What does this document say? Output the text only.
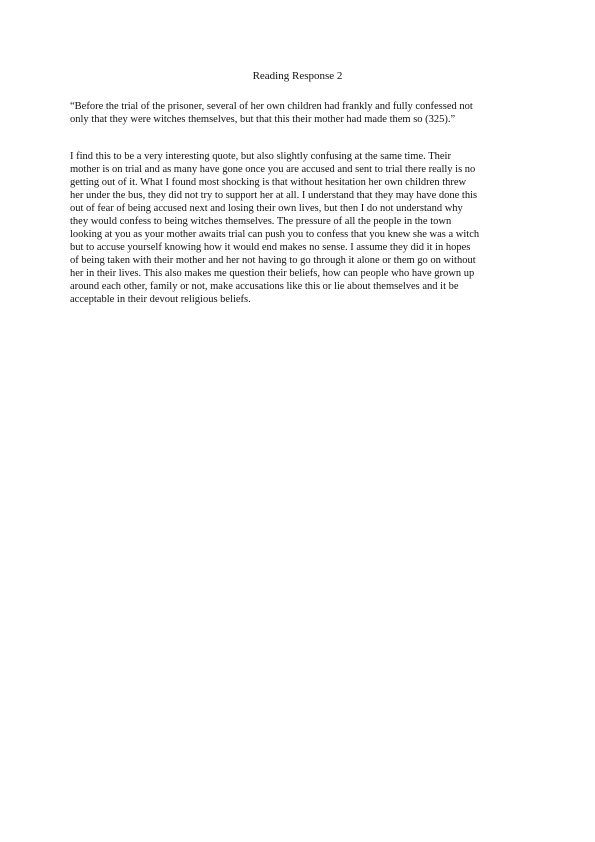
Reading Response 2
“Before the trial of the prisoner, several of her own children had frankly and fully confessed not
only that they were witches themselves, but that this their mother had made them so (325).”
I find this to be a very interesting quote, but also slightly confusing at the same time. Their
mother is on trial and as many have gone once you are accused and sent to trial there really is no
getting out of it. What I found most shocking is that without hesitation her own children threw
her under the bus, they did not try to support her at all. I understand that they may have done this
out of fear of being accused next and losing their own lives, but then I do not understand why
they would confess to being witches themselves. The pressure of all the people in the town
looking at you as your mother awaits trial can push you to confess that you knew she was a witch
but to accuse yourself knowing how it would end makes no sense. I assume they did it in hopes
of being taken with their mother and her not having to go through it alone or them go on without
her in their lives. This also makes me question their beliefs, how can people who have grown up
around each other, family or not, make accusations like this or lie about themselves and it be
acceptable in their devout religious beliefs.
